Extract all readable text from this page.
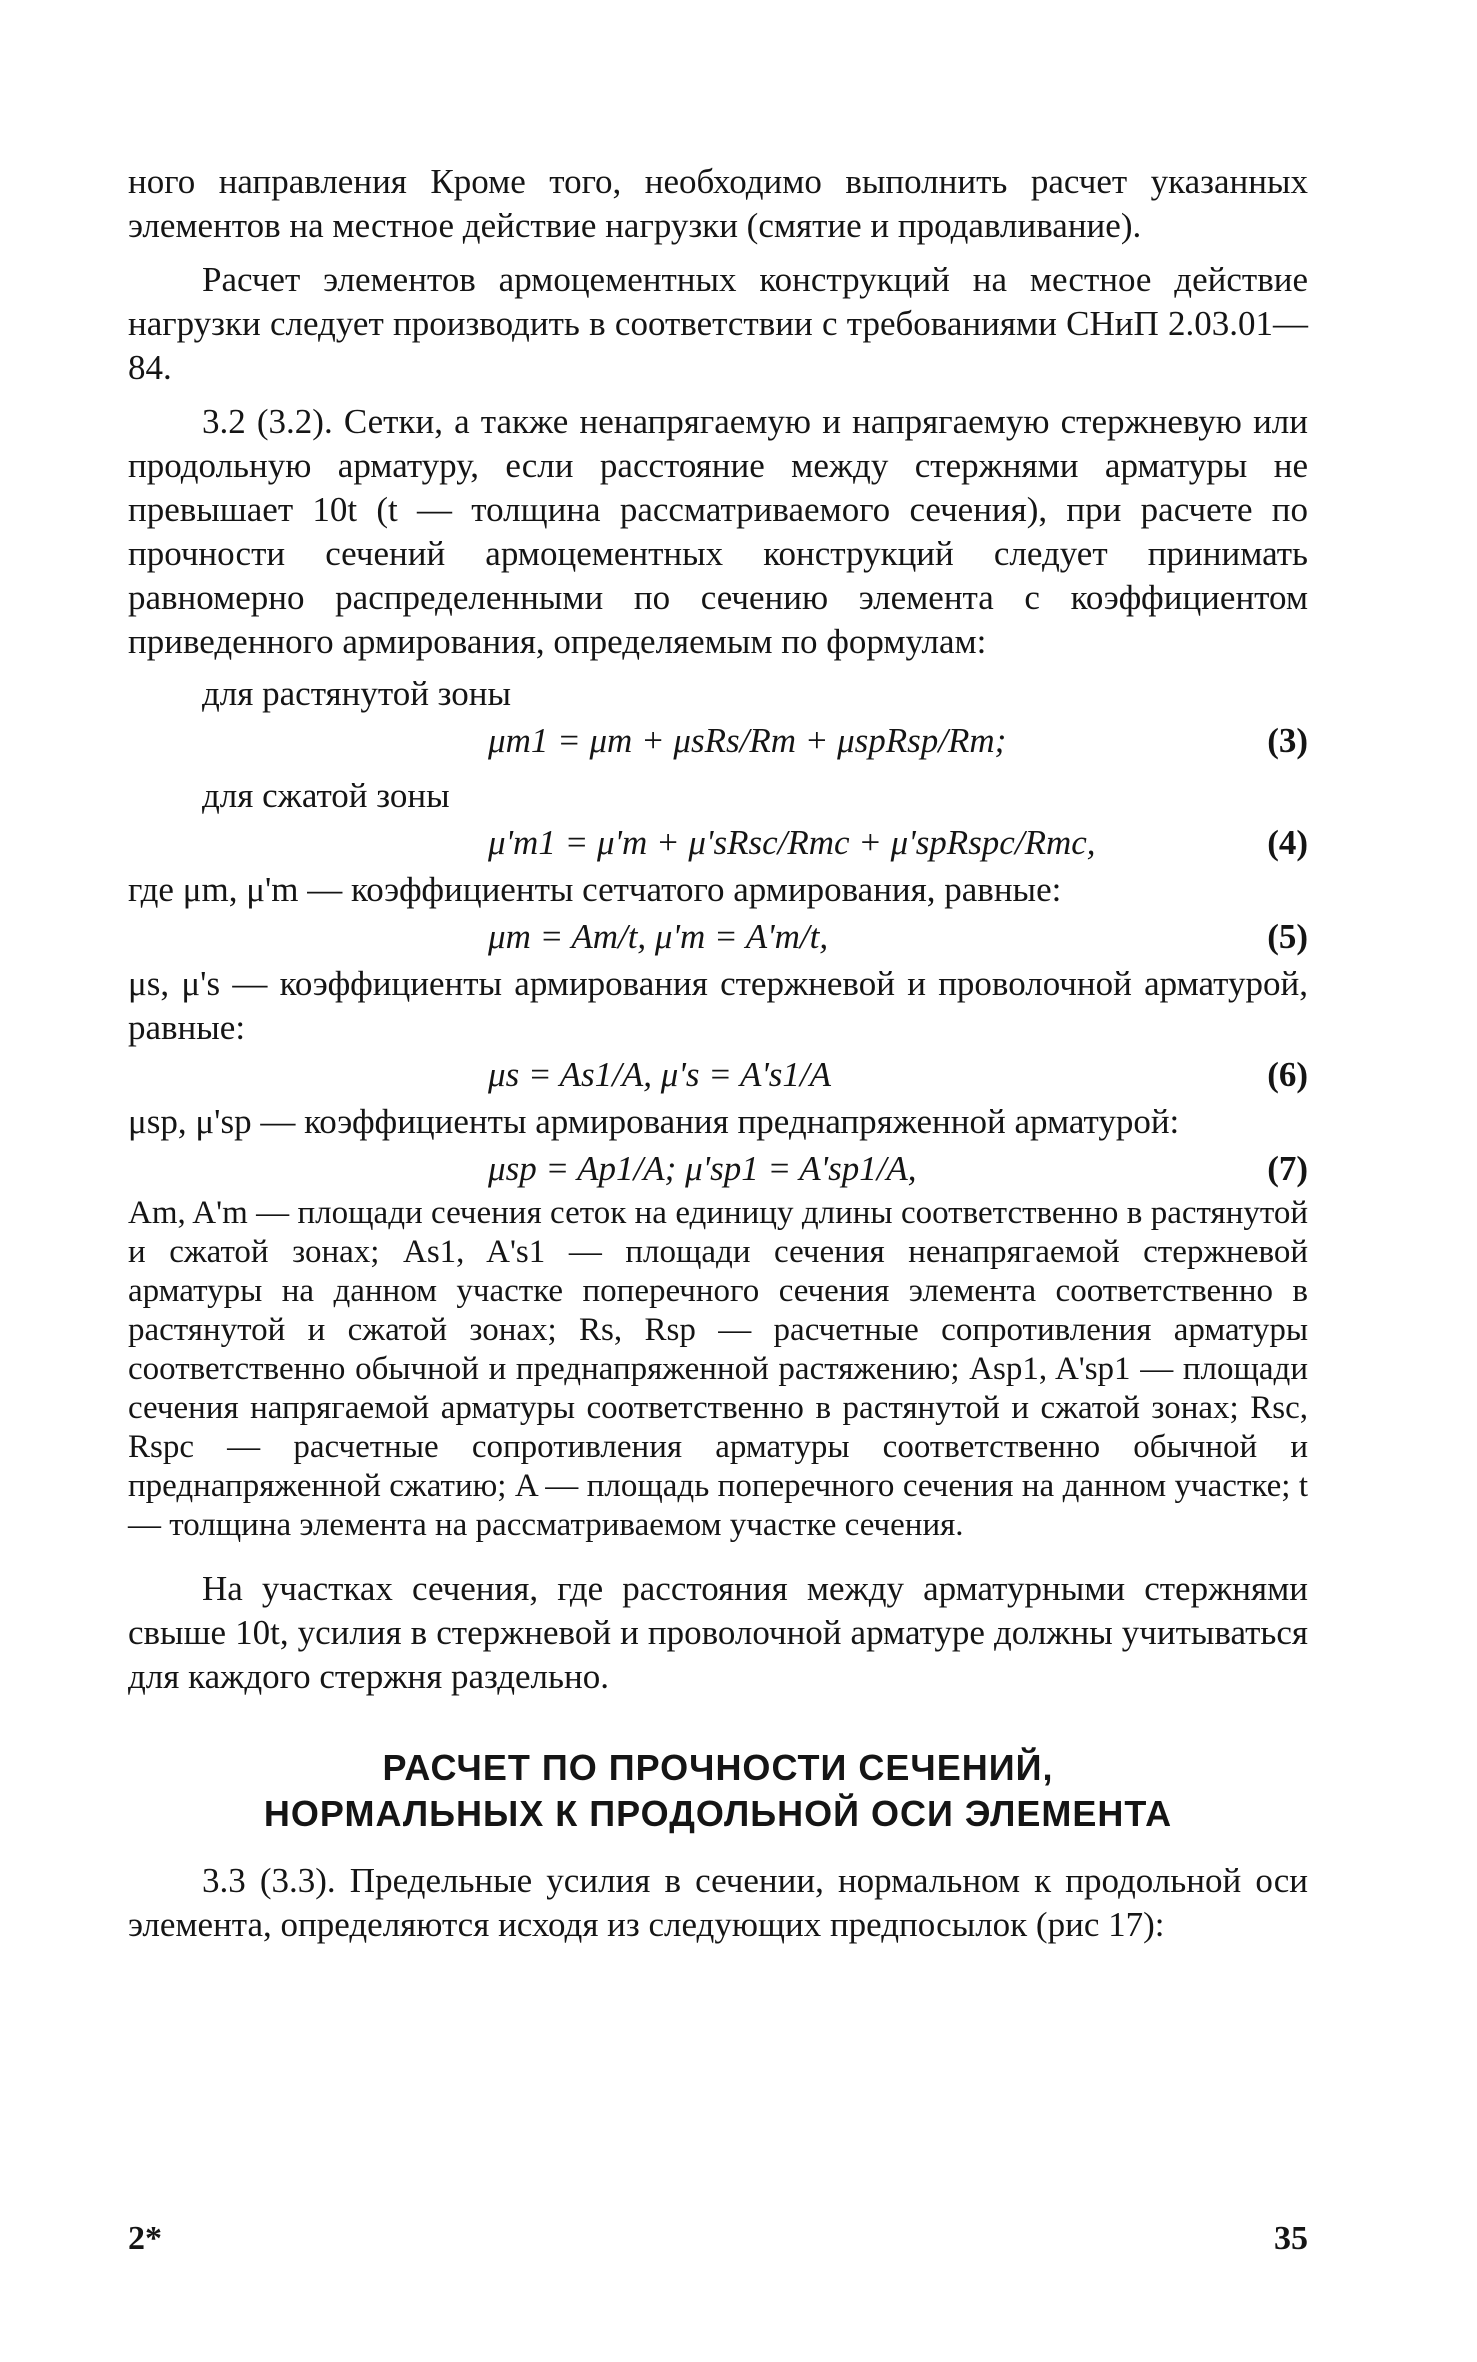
ного направления Кроме того, необходимо выполнить расчет указанных элементов на местное действие нагрузки (смятие и продавливание).

Расчет элементов армоцементных конструкций на местное действие нагрузки следует производить в соответствии с требованиями СНиП 2.03.01—84.

3.2 (3.2). Сетки, а также ненапрягаемую и напрягаемую стержневую или продольную арматуру, если расстояние между стержнями арматуры не превышает 10t (t — толщина рассматриваемого сечения), при расчете по прочности сечений армоцементных конструкций следует принимать равномерно распределенными по сечению элемента с коэффициентом приведенного армирования, определяемым по формулам:

для растянутой зоны

μm1 = μm + μsRs/Rm + μspRsp/Rm;	(3)

для сжатой зоны

μ'm1 = μ'm + μ'sRsc/Rmc + μ'spRspc/Rmc,	(4)

где μm, μ'm — коэффициенты сетчатого армирования, равные:

μm = Am/t, μ'm = A'm/t,	(5)

μs, μ's — коэффициенты армирования стержневой и проволочной арматурой, равные:

μs = As1/A, μ's = A's1/A	(6)

μsp, μ'sp — коэффициенты армирования преднапряженной арматурой:

μsp = Ap1/A; μ'sp1 = A'sp1/A,	(7)

Am, A'm — площади сечения сеток на единицу длины соответственно в растянутой и сжатой зонах; As1, A's1 — площади сечения ненапрягаемой стержневой арматуры на данном участке поперечного сечения элемента соответственно в растянутой и сжатой зонах; Rs, Rsp — расчетные сопротивления арматуры соответственно обычной и преднапряженной растяжению; Asp1, A'sp1 — площади сечения напрягаемой арматуры соответственно в растянутой и сжатой зонах; Rsc, Rspc — расчетные сопротивления арматуры соответственно обычной и преднапряженной сжатию; A — площадь поперечного сечения на данном участке; t — толщина элемента на рассматриваемом участке сечения.

На участках сечения, где расстояния между арматурными стержнями свыше 10t, усилия в стержневой и проволочной арматуре должны учитываться для каждого стержня раздельно.

РАСЧЕТ ПО ПРОЧНОСТИ СЕЧЕНИЙ,
НОРМАЛЬНЫХ К ПРОДОЛЬНОЙ ОСИ ЭЛЕМЕНТА

3.3 (3.3). Предельные усилия в сечении, нормальном к продольной оси элемента, определяются исходя из следующих предпосылок (рис 17):

2*	35
